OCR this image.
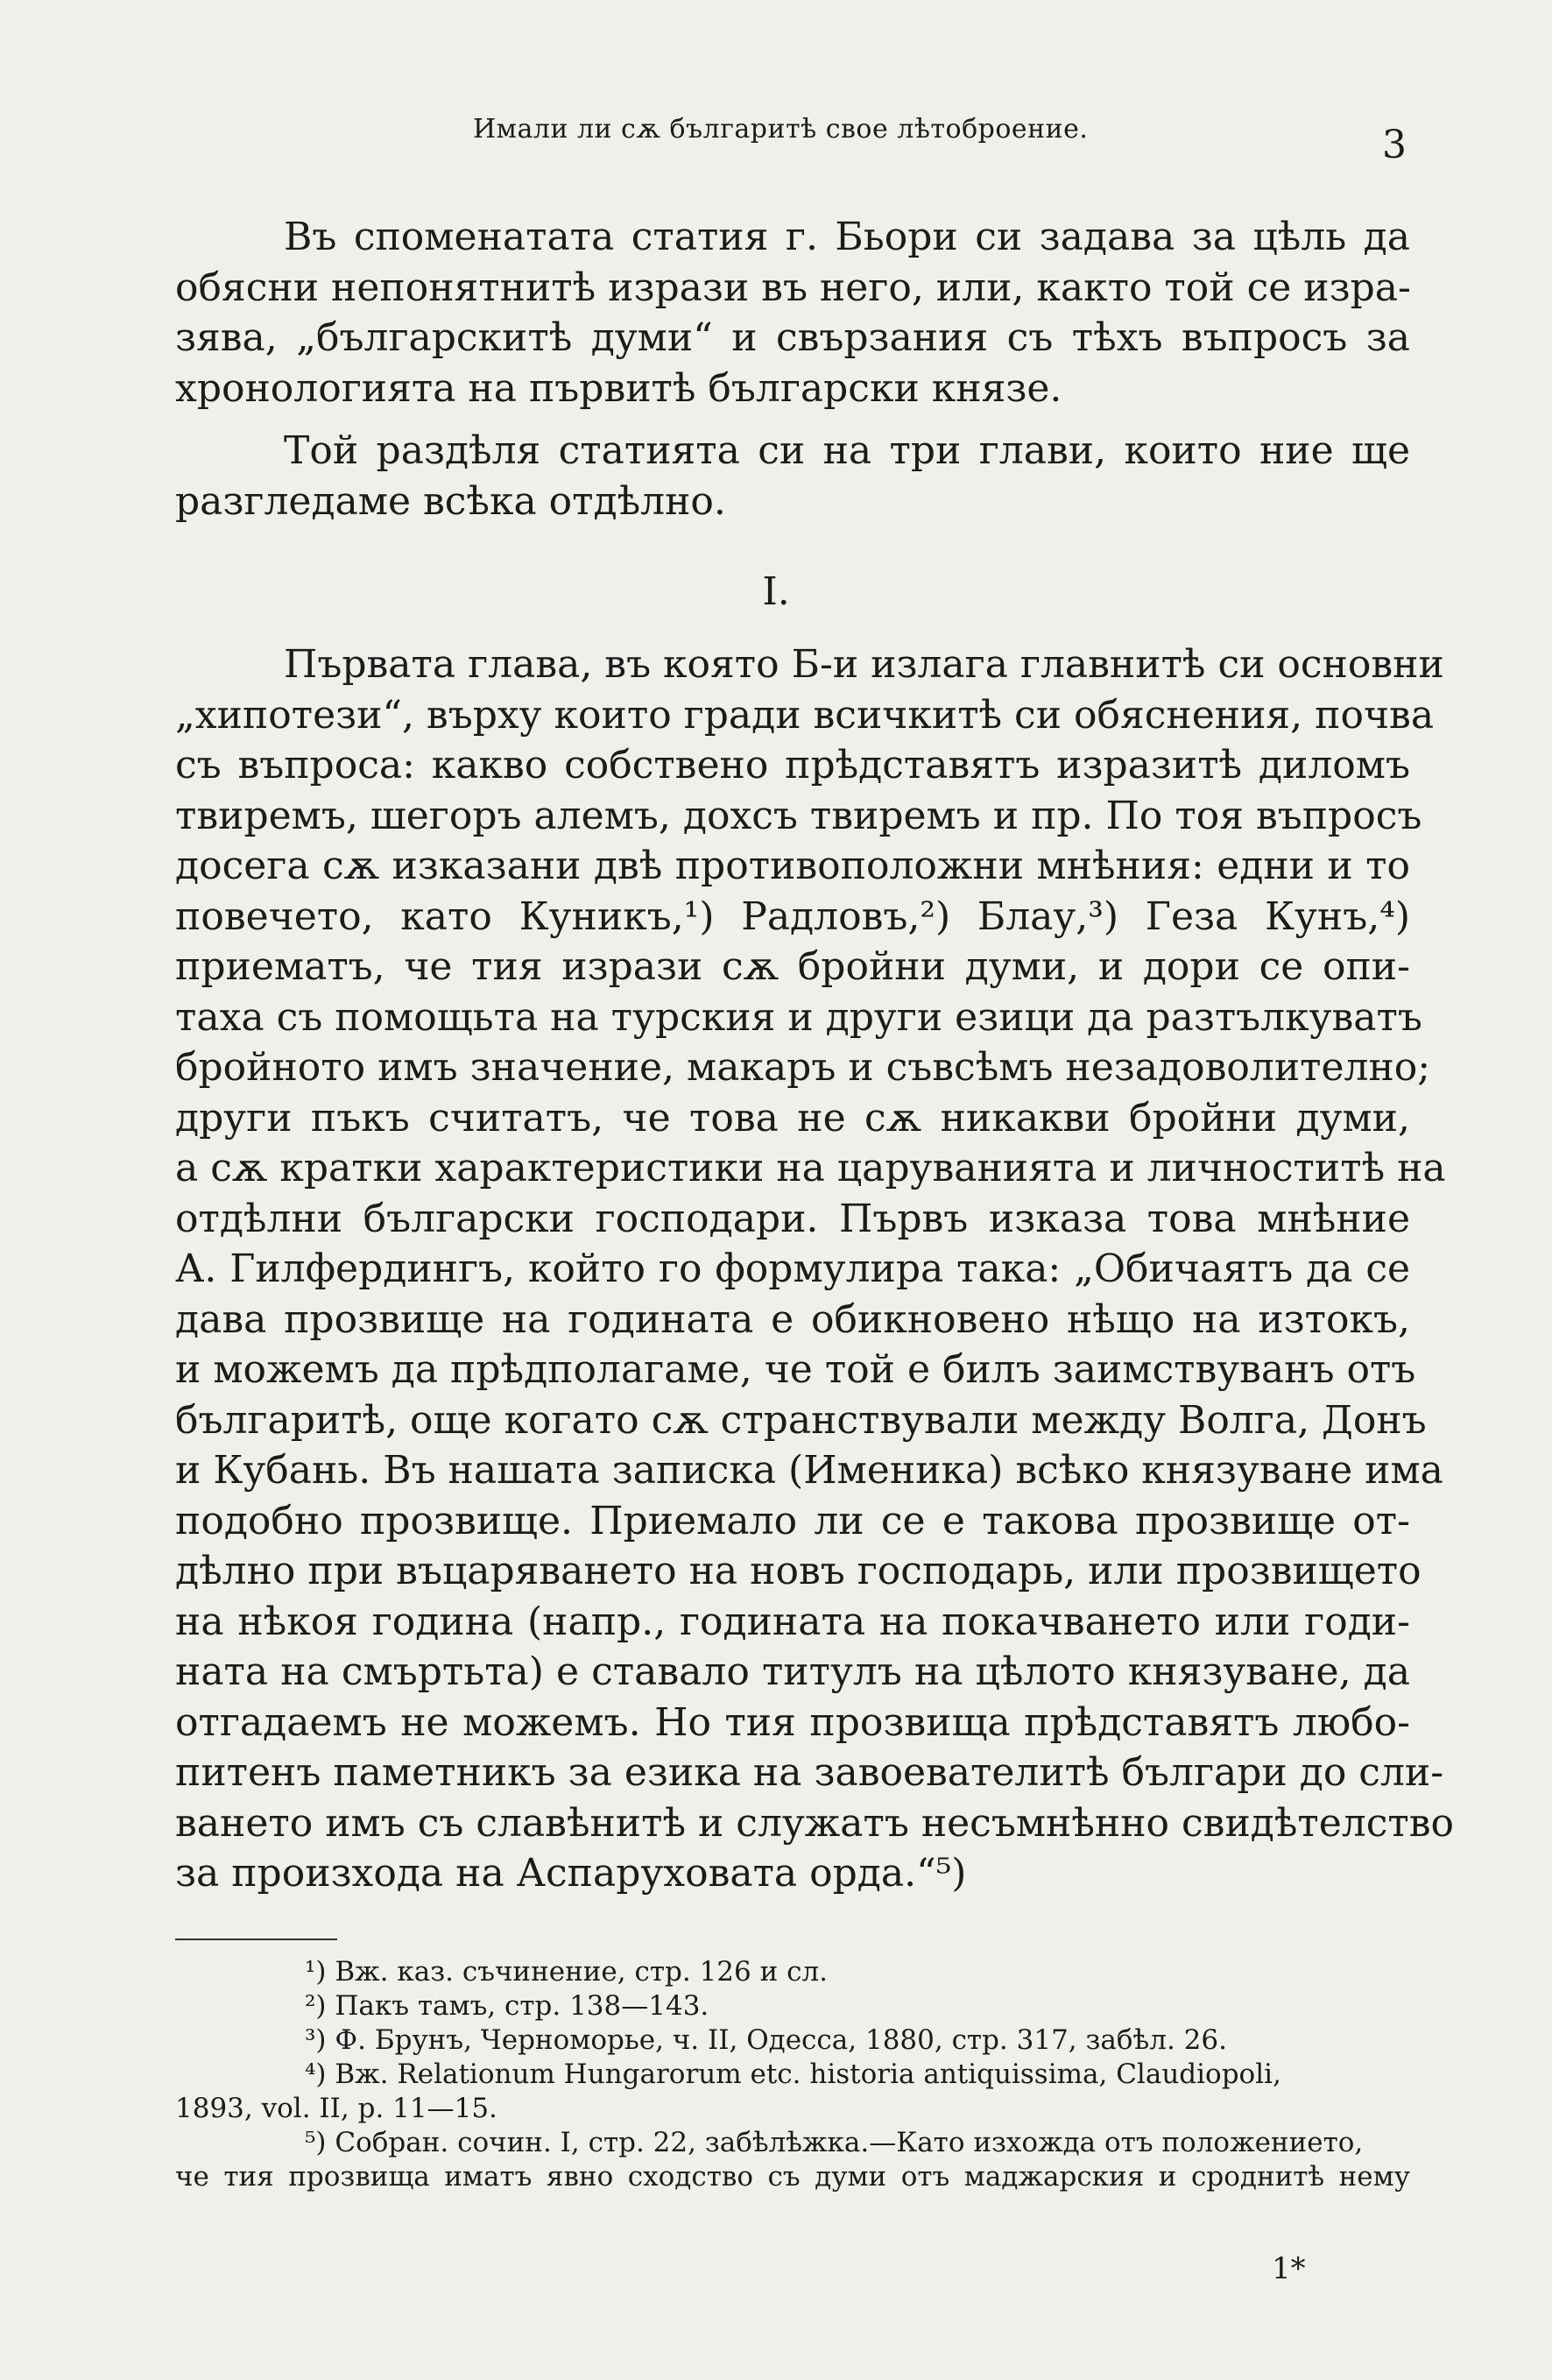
Имали ли сѫ българитѣ свое лѣтоброение.	3
Въ споменатата статия г. Бьори си задава за цѣль да
обясни непонятнитѣ изрази въ него, или, както той се изра-
зява, „българскитѣ думи“ и свързания съ тѣхъ въпросъ за
хронологията на първитѣ български князе.
Той раздѣля статията си на три глави, които ние ще
разгледаме всѣка отдѣлно.
I.
Първата глава, въ която Б-и излага главнитѣ си основни
„хипотези“, върху които гради всичкитѣ си обяснения, почва
съ въпроса: какво собствено прѣдставятъ изразитѣ диломъ
твиремъ, шегоръ алемъ, дохсъ твиремъ и пр. По тоя въпросъ
досега сѫ изказани двѣ противоположни мнѣния: едни и то
повечето, като Куникъ,¹) Радловъ,²) Блау,³) Геза Кунъ,⁴)
приематъ, че тия изрази сѫ бройни думи, и дори се опи-
таха съ помощьта на турския и други езици да разтълкуватъ
бройното имъ значение, макаръ и съвсѣмъ незадоволително;
други пъкъ считатъ, че това не сѫ никакви бройни думи,
а сѫ кратки характеристики на царуванията и личноститѣ на
отдѣлни български господари. Първъ изказа това мнѣние
А. Гилфердингъ, който го формулира така: „Обичаятъ да се
дава прозвище на годината е обикновено нѣщо на изтокъ,
и можемъ да прѣдполагаме, че той е билъ заимствуванъ отъ
българитѣ, още когато сѫ странствували между Волга, Донъ
и Кубань. Въ нашата записка (Именика) всѣко князуване има
подобно прозвище. Приемало ли се е такова прозвище от-
дѣлно при въцаряването на новъ господарь, или прозвището
на нѣкоя година (напр., годината на покачването или годи-
ната на смъртьта) е ставало титулъ на цѣлото князуване, да
отгадаемъ не можемъ. Но тия прозвища прѣдставятъ любо-
питенъ паметникъ за езика на завоевателитѣ българи до сли-
ването имъ съ славѣнитѣ и служатъ несъмнѣнно свидѣтелство
за произхода на Аспаруховата орда.“⁵)
¹) Вж. каз. съчинение, стр. 126 и сл.
²) Пакъ тамъ, стр. 138—143.
³) Ф. Брунъ, Черноморье, ч. II, Одесса, 1880, стр. 317, забѣл. 26.
⁴) Вж. Relationum Hungarorum etc. historia antiquissima, Claudiopoli,
1893, vol. II, p. 11—15.
⁵) Собран. сочин. I, стр. 22, забѣлѣжка.—Като изхожда отъ положението,
че тия прозвища иматъ явно сходство съ думи отъ маджарския и сроднитѣ нему
1*
